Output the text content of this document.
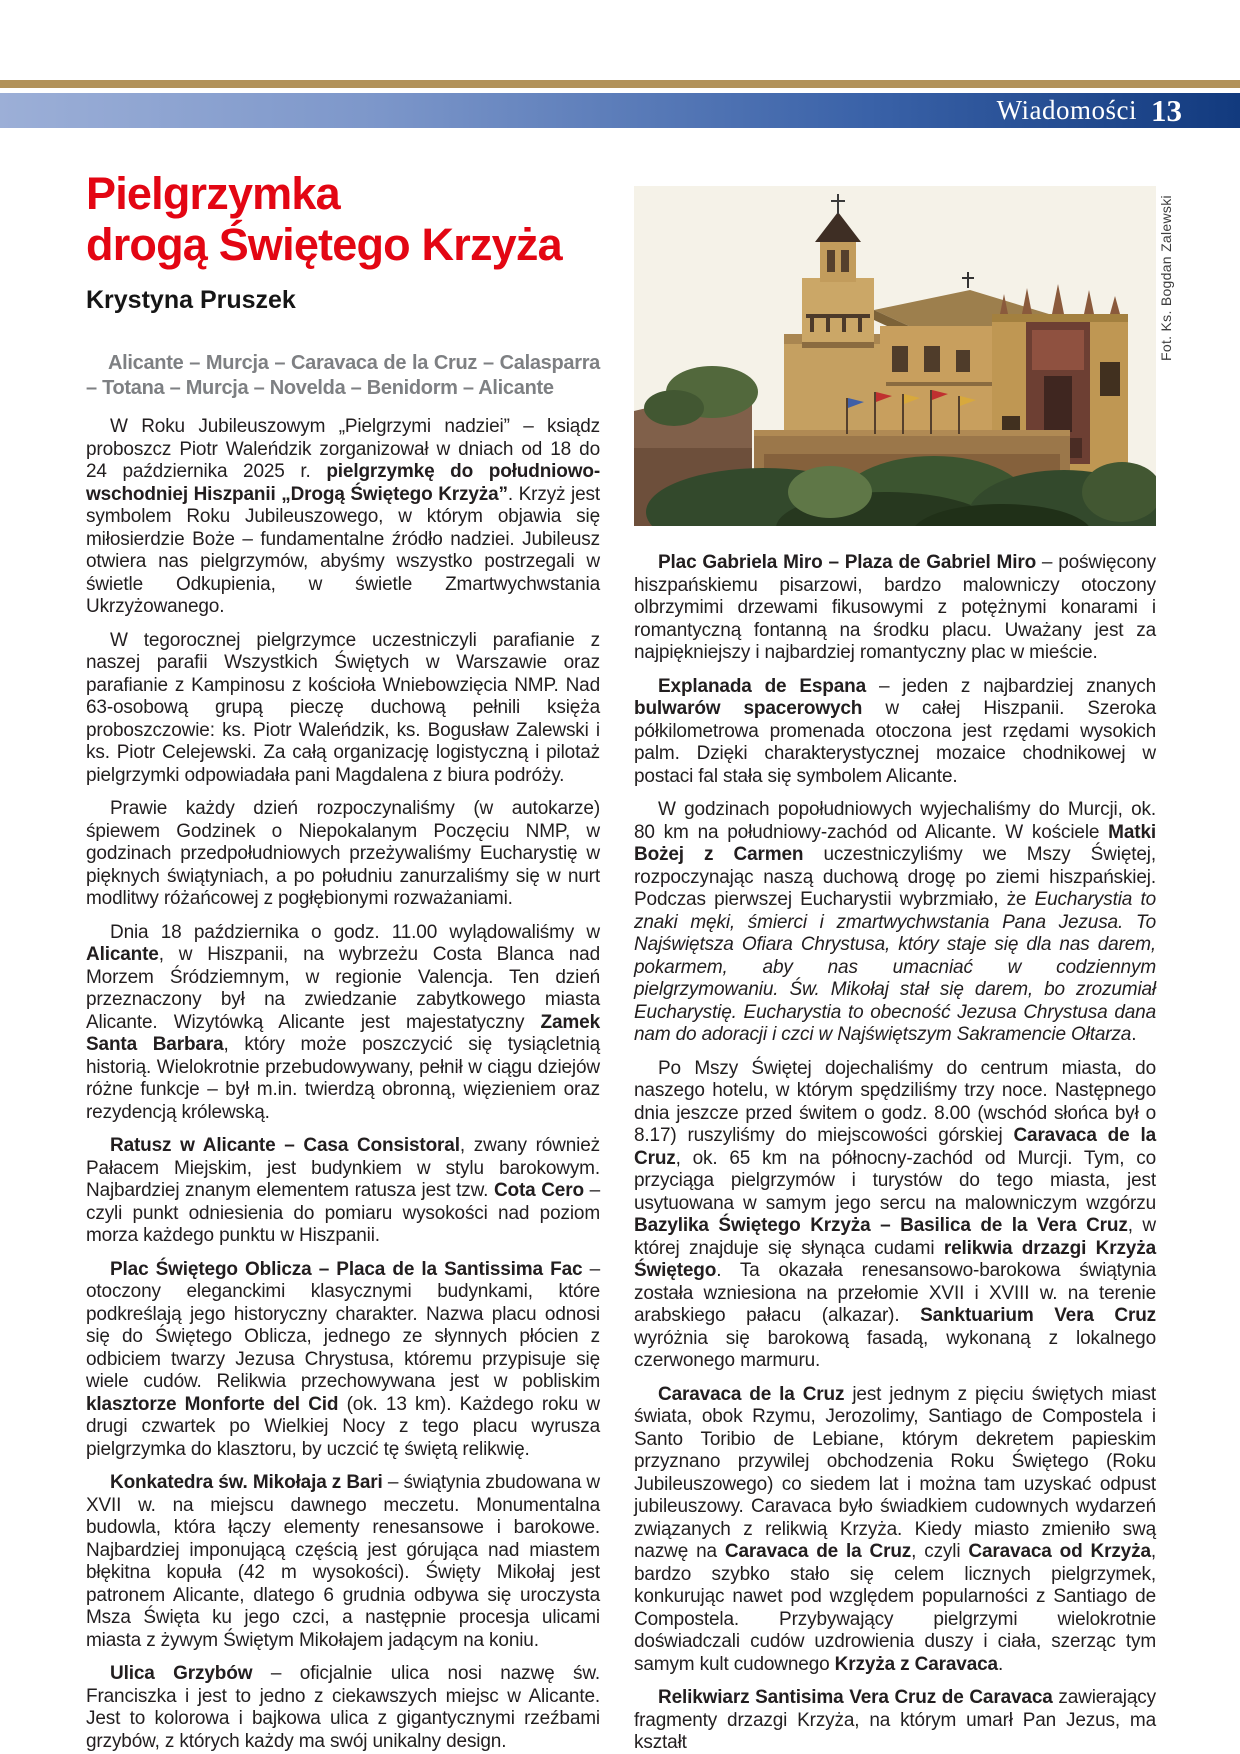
Wiadomości 13
Pielgrzymka
drogą Świętego Krzyża
Krystyna Pruszek

Alicante – Murcja – Caravaca de la Cruz – Calasparra – Totana – Murcja – Novelda – Benidorm – Alicante

W Roku Jubileuszowym „Pielgrzymi nadziei” – ksiądz proboszcz Piotr Waleńdzik zorganizował w dniach od 18 do 24 października 2025 r. pielgrzymkę do południowo-wschodniej Hiszpanii „Drogą Świętego Krzyża”. Krzyż jest symbolem Roku Jubileuszowego, w którym objawia się miłosierdzie Boże – fundamentalne źródło nadziei. Jubileusz otwiera nas pielgrzymów, abyśmy wszystko postrzegali w świetle Odkupienia, w świetle Zmartwychwstania Ukrzyżowanego.

W tegorocznej pielgrzymce uczestniczyli parafianie z naszej parafii Wszystkich Świętych w Warszawie oraz parafianie z Kampinosu z kościoła Wniebowzięcia NMP. Nad 63-osobową grupą pieczę duchową pełnili księża proboszczowie: ks. Piotr Waleńdzik, ks. Bogusław Zalewski i ks. Piotr Celejewski. Za całą organizację logistyczną i pilotaż pielgrzymki odpowiadała pani Magdalena z biura podróży.

Prawie każdy dzień rozpoczynaliśmy (w autokarze) śpiewem Godzinek o Niepokalanym Poczęciu NMP, w godzinach przedpołudniowych przeżywaliśmy Eucharystię w pięknych świątyniach, a po południu zanurzaliśmy się w nurt modlitwy różańcowej z pogłębionymi rozważaniami.

Dnia 18 października o godz. 11.00 wylądowaliśmy w Alicante, w Hiszpanii, na wybrzeżu Costa Blanca nad Morzem Śródziemnym, w regionie Valencja. Ten dzień przeznaczony był na zwiedzanie zabytkowego miasta Alicante. Wizytówką Alicante jest majestatyczny Zamek Santa Barbara, który może poszczycić się tysiącletnią historią. Wielokrotnie przebudowywany, pełnił w ciągu dziejów różne funkcje – był m.in. twierdzą obronną, więzieniem oraz rezydencją królewską.

Ratusz w Alicante – Casa Consistoral, zwany również Pałacem Miejskim, jest budynkiem w stylu barokowym. Najbardziej znanym elementem ratusza jest tzw. Cota Cero – czyli punkt odniesienia do pomiaru wysokości nad poziom morza każdego punktu w Hiszpanii.

Plac Świętego Oblicza – Placa de la Santissima Fac – otoczony eleganckimi klasycznymi budynkami, które podkreślają jego historyczny charakter. Nazwa placu odnosi się do Świętego Oblicza, jednego ze słynnych płócien z odbiciem twarzy Jezusa Chrystusa, któremu przypisuje się wiele cudów. Relikwia przechowywana jest w pobliskim klasztorze Monforte del Cid (ok. 13 km). Każdego roku w drugi czwartek po Wielkiej Nocy z tego placu wyrusza pielgrzymka do klasztoru, by uczcić tę świętą relikwię.

Konkatedra św. Mikołaja z Bari – świątynia zbudowana w XVII w. na miejscu dawnego meczetu. Monumentalna budowla, która łączy elementy renesansowe i barokowe. Najbardziej imponującą częścią jest górująca nad miastem błękitna kopuła (42 m wysokości). Święty Mikołaj jest patronem Alicante, dlatego 6 grudnia odbywa się uroczysta Msza Święta ku jego czci, a następnie procesja ulicami miasta z żywym Świętym Mikołajem jadącym na koniu.

Ulica Grzybów – oficjalnie ulica nosi nazwę św. Franciszka i jest to jedno z ciekawszych miejsc w Alicante. Jest to kolorowa i bajkowa ulica z gigantycznymi rzeźbami grzybów, z których każdy ma swój unikalny design.

Fot. Ks. Bogdan Zalewski

Plac Gabriela Miro – Plaza de Gabriel Miro – poświęcony hiszpańskiemu pisarzowi, bardzo malowniczy otoczony olbrzymimi drzewami fikusowymi z potężnymi konarami i romantyczną fontanną na środku placu. Uważany jest za najpiękniejszy i najbardziej romantyczny plac w mieście.

Explanada de Espana – jeden z najbardziej znanych bulwarów spacerowych w całej Hiszpanii. Szeroka półkilometrowa promenada otoczona jest rzędami wysokich palm. Dzięki charakterystycznej mozaice chodnikowej w postaci fal stała się symbolem Alicante.

W godzinach popołudniowych wyjechaliśmy do Murcji, ok. 80 km na południowy-zachód od Alicante. W kościele Matki Bożej z Carmen uczestniczyliśmy we Mszy Świętej, rozpoczynając naszą duchową drogę po ziemi hiszpańskiej. Podczas pierwszej Eucharystii wybrzmiało, że Eucharystia to znaki męki, śmierci i zmartwychwstania Pana Jezusa. To Najświętsza Ofiara Chrystusa, który staje się dla nas darem, pokarmem, aby nas umacniać w codziennym pielgrzymowaniu. Św. Mikołaj stał się darem, bo zrozumiał Eucharystię. Eucharystia to obecność Jezusa Chrystusa dana nam do adoracji i czci w Najświętszym Sakramencie Ołtarza.

Po Mszy Świętej dojechaliśmy do centrum miasta, do naszego hotelu, w którym spędziliśmy trzy noce. Następnego dnia jeszcze przed świtem o godz. 8.00 (wschód słońca był o 8.17) ruszyliśmy do miejscowości górskiej Caravaca de la Cruz, ok. 65 km na północny-zachód od Murcji. Tym, co przyciąga pielgrzymów i turystów do tego miasta, jest usytuowana w samym jego sercu na malowniczym wzgórzu Bazylika Świętego Krzyża – Basilica de la Vera Cruz, w której znajduje się słynąca cudami relikwia drzazgi Krzyża Świętego. Ta okazała renesansowo-barokowa świątynia została wzniesiona na przełomie XVII i XVIII w. na terenie arabskiego pałacu (alkazar). Sanktuarium Vera Cruz wyróżnia się barokową fasadą, wykonaną z lokalnego czerwonego marmuru.

Caravaca de la Cruz jest jednym z pięciu świętych miast świata, obok Rzymu, Jerozolimy, Santiago de Compostela i Santo Toribio de Lebiane, którym dekretem papieskim przyznano przywilej obchodzenia Roku Świętego (Roku Jubileuszowego) co siedem lat i można tam uzyskać odpust jubileuszowy. Caravaca było świadkiem cudownych wydarzeń związanych z relikwią Krzyża. Kiedy miasto zmieniło swą nazwę na Caravaca de la Cruz, czyli Caravaca od Krzyża, bardzo szybko stało się celem licznych pielgrzymek, konkurując nawet pod względem popularności z Santiago de Compostela. Przybywający pielgrzymi wielokrotnie doświadczali cudów uzdrowienia duszy i ciała, szerząc tym samym kult cudownego Krzyża z Caravaca.

Relikwiarz Santisima Vera Cruz de Caravaca zawierający fragmenty drzazgi Krzyża, na którym umarł Pan Jezus, ma kształt
